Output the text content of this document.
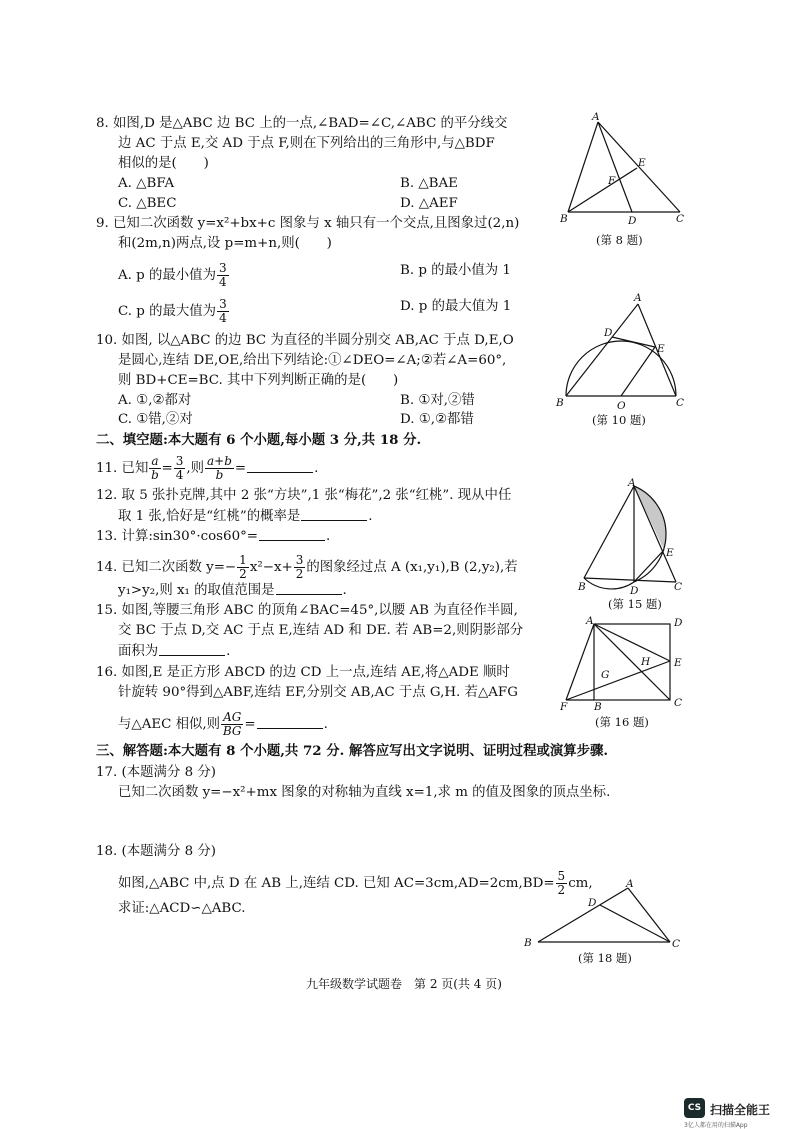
8. 如图,D 是△ABC 边 BC 上的一点,∠BAD=∠C,∠ABC 的平分线交
边 AC 于点 E,交 AD 于点 F,则在下列给出的三角形中,与△BDF
相似的是(　　)
A. △BFA	B. △BAE
C. △BEC	D. △AEF
9. 已知二次函数 y=x²+bx+c 图象与 x 轴只有一个交点,且图象过(2,n)
和(2m,n)两点,设 p=m+n,则(　　)
A. p 的最小值为 $\frac{3}{4}$	B. p 的最小值为 1
C. p 的最大值为 $\frac{3}{4}$	D. p 的最大值为 1
10. 如图, 以△ABC 的边 BC 为直径的半圆分别交 AB,AC 于点 D,E,O
是圆心,连结 DE,OE,给出下列结论:①∠DEO=∠A;②若∠A=60°,
则 BD+CE=BC. 其中下列判断正确的是(　　)
A. ①,②都对	B. ①对,②错
C. ①错,②对	D. ①,②都错
二、填空题:本大题有 6 个小题,每小题 3 分,共 18 分.
11. 已知 $\frac{a}{b} = \frac{3}{4}$ ,则 $\frac{a+b}{b}$ =	.
12. 取 5 张扑克牌,其中 2 张“方块”,1 张“梅花”,2 张“红桃”. 现从中任
取 1 张,恰好是“红桃”的概率是	.
13. 计算:sin30°·cos60°=	.
14. 已知二次函数 $y=- \frac{1}{2} x^2-x+ \frac{3}{2}$ 的图象经过点 A (x₁,y₁),B (2,y₂),若
y₁>y₂,则 x₁ 的取值范围是	.
15. 如图,等腰三角形 ABC 的顶角∠BAC=45°,以腰 AB 为直径作半圆,
交 BC 于点 D,交 AC 于点 E,连结 AD 和 DE. 若 AB=2,则阴影部分
面积为	.
16. 如图,E 是正方形 ABCD 的边 CD 上一点,连结 AE,将△ADE 顺时
针旋转 90°得到△ABF,连结 EF,分别交 AB,AC 于点 G,H. 若△AFG
与△AEC 相似,则 $\frac{AG}{BG}$ =	.
三、解答题:本大题有 8 个小题,共 72 分. 解答应写出文字说明、证明过程或演算步骤.
17. (本题满分 8 分)
已知二次函数 y=−x²+mx 图象的对称轴为直线 x=1,求 m 的值及图象的顶点坐标.
18. (本题满分 8 分)
如图,△ABC 中,点 D 在 AB 上,连结 CD. 已知 $AC=3cm,AD=2cm,BD= \frac{5}{2}$ cm,
求证:△ACD∽△ABC.
A
B	C
D
E
F
(第 8 题)
A
B	C
D
E
O
(第 10 题)
A
B	C
D
E
(第 15 题)
A	D
E
C
B
F
G
H
(第 16 题)
A
B	C
D
(第 18 题)
九年级数学试题卷　第 2 页(共 4 页)
CS 扫描全能王
3亿人都在用的扫描App
